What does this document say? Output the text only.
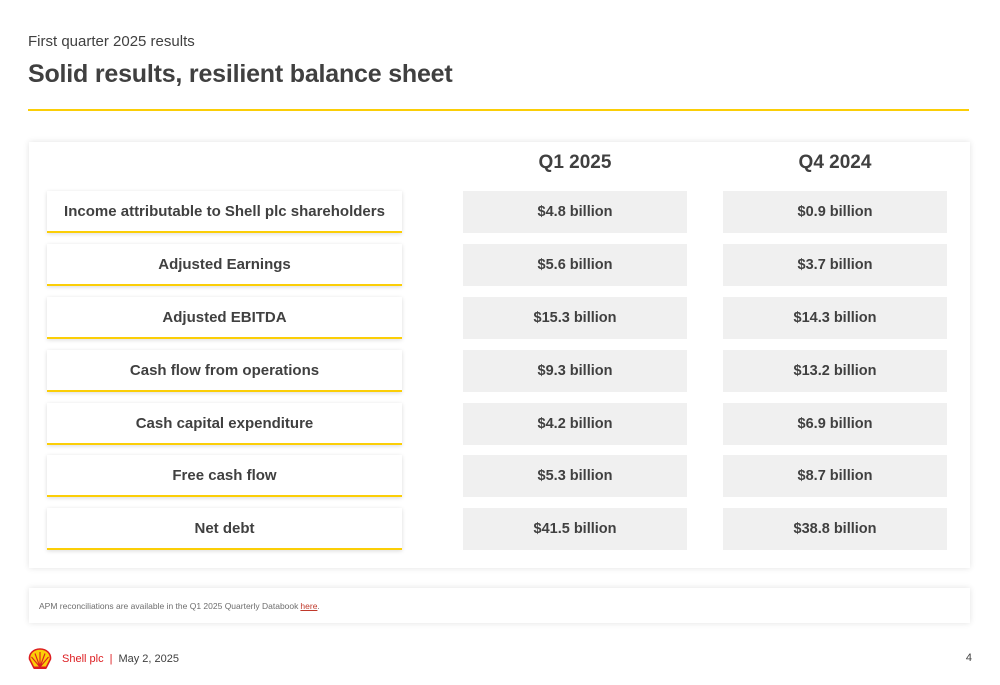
First quarter 2025 results
Solid results, resilient balance sheet
Q1 2025	Q4 2024
Income attributable to Shell plc shareholders	$4.8 billion	$0.9 billion
Adjusted Earnings	$5.6 billion	$3.7 billion
Adjusted EBITDA	$15.3 billion	$14.3 billion
Cash flow from operations	$9.3 billion	$13.2 billion
Cash capital expenditure	$4.2 billion	$6.9 billion
Free cash flow	$5.3 billion	$8.7 billion
Net debt	$41.5 billion	$38.8 billion
APM reconciliations are available in the Q1 2025 Quarterly Databook here .
Shell plc | May 2, 2025	4
